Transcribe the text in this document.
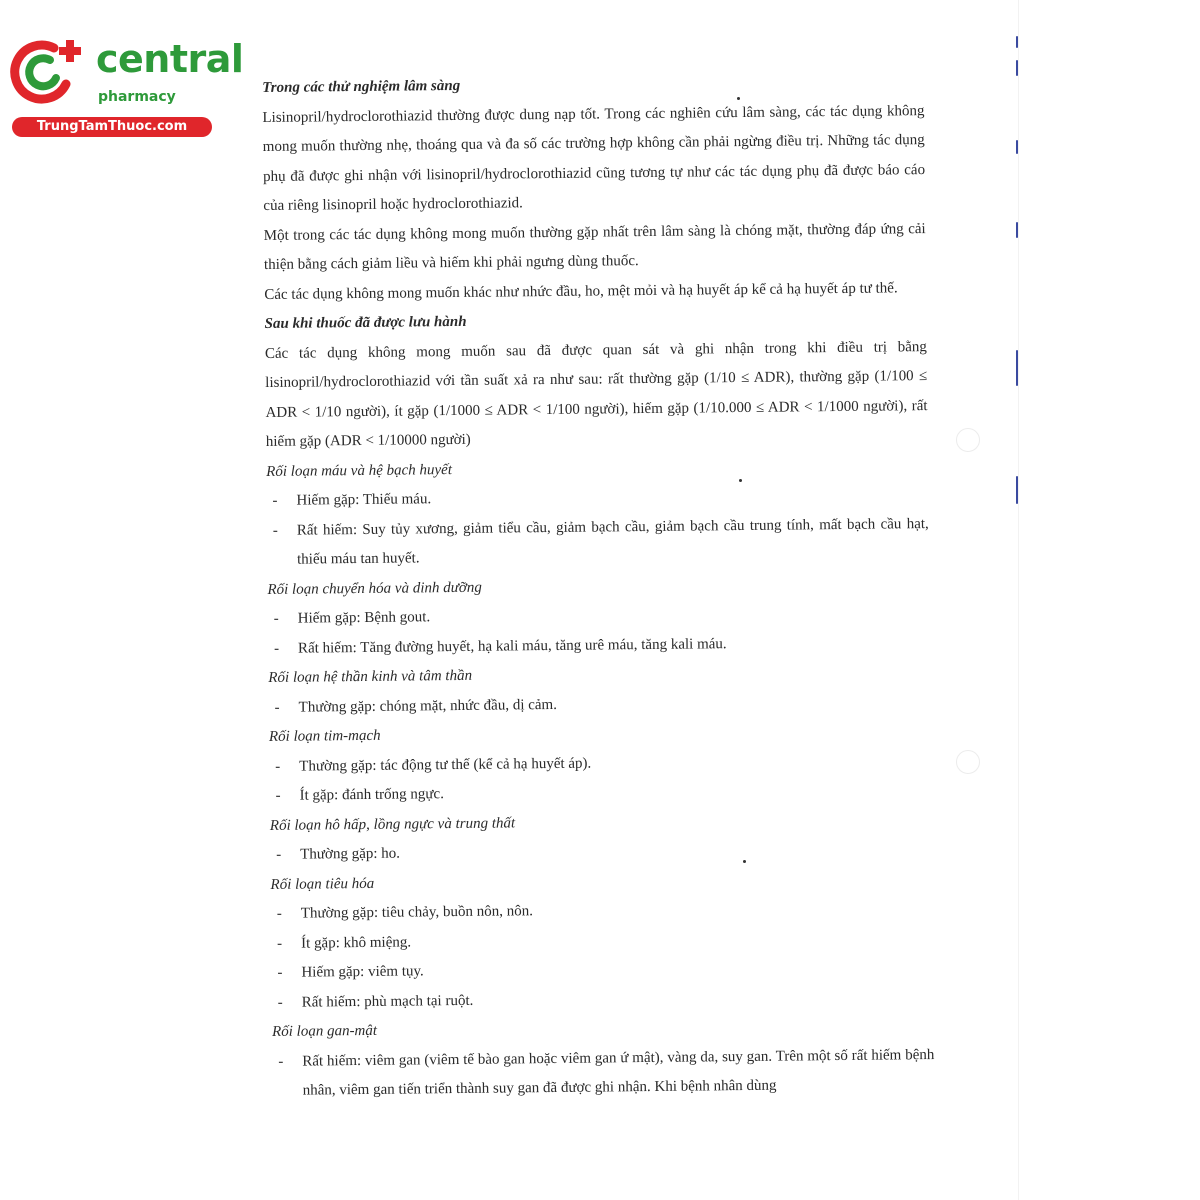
central
pharmacy
TrungTamThuoc.com

Trong các thử nghiệm lâm sàng

Lisinopril/hydroclorothiazid thường được dung nạp tốt. Trong các nghiên cứu lâm sàng, các tác dụng không mong muốn thường nhẹ, thoáng qua và đa số các trường hợp không cần phải ngừng điều trị. Những tác dụng phụ đã được ghi nhận với lisinopril/hydroclorothiazid cũng tương tự như các tác dụng phụ đã được báo cáo của riêng lisinopril hoặc hydroclorothiazid.

Một trong các tác dụng không mong muốn thường gặp nhất trên lâm sàng là chóng mặt, thường đáp ứng cải thiện bằng cách giảm liều và hiếm khi phải ngưng dùng thuốc.

Các tác dụng không mong muốn khác như nhức đầu, ho, mệt mỏi và hạ huyết áp kể cả hạ huyết áp tư thế.

Sau khi thuốc đã được lưu hành

Các tác dụng không mong muốn sau đã được quan sát và ghi nhận trong khi điều trị bằng lisinopril/hydroclorothiazid với tần suất xả ra như sau: rất thường gặp (1/10 ≤ ADR), thường gặp (1/100 ≤ ADR < 1/10 người), ít gặp (1/1000 ≤ ADR < 1/100 người), hiếm gặp (1/10.000 ≤ ADR < 1/1000 người), rất hiếm gặp (ADR < 1/10000 người)

Rối loạn máu và hệ bạch huyết

- Hiếm gặp: Thiếu máu.

- Rất hiếm: Suy tủy xương, giảm tiểu cầu, giảm bạch cầu, giảm bạch cầu trung tính, mất bạch cầu hạt, thiếu máu tan huyết.

Rối loạn chuyển hóa và dinh dưỡng

- Hiếm gặp: Bệnh gout.

- Rất hiếm: Tăng đường huyết, hạ kali máu, tăng urê máu, tăng kali máu.

Rối loạn hệ thần kinh và tâm thần

- Thường gặp: chóng mặt, nhức đầu, dị cảm.

Rối loạn tim-mạch

- Thường gặp: tác động tư thế (kể cả hạ huyết áp).

- Ít gặp: đánh trống ngực.

Rối loạn hô hấp, lồng ngực và trung thất

- Thường gặp: ho.

Rối loạn tiêu hóa

- Thường gặp: tiêu chảy, buồn nôn, nôn.

- Ít gặp: khô miệng.

- Hiếm gặp: viêm tụy.

- Rất hiếm: phù mạch tại ruột.

Rối loạn gan-mật

- Rất hiếm: viêm gan (viêm tế bào gan hoặc viêm gan ứ mật), vàng da, suy gan. Trên một số rất hiếm bệnh nhân, viêm gan tiến triển thành suy gan đã được ghi nhận. Khi bệnh nhân dùng
